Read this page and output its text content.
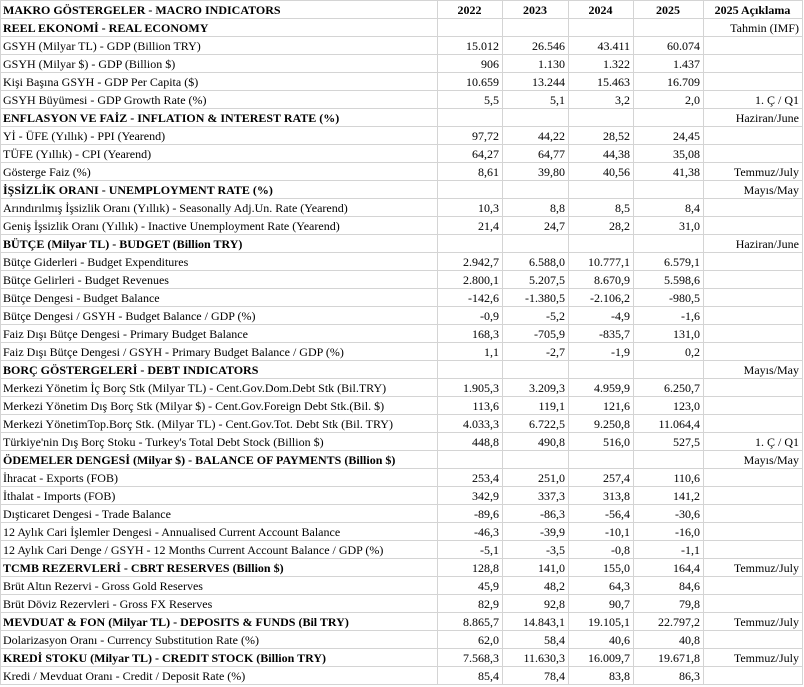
MAKRO GÖSTERGELER - MACRO INDICATORS	2022	2023	2024	2025	2025 Açıklama
REEL EKONOMİ - REAL ECONOMY					Tahmin (IMF)
GSYH (Milyar TL) - GDP (Billion TRY)	15.012	26.546	43.411	60.074	
GSYH (Milyar $) - GDP (Billion $)	906	1.130	1.322	1.437	
Kişi Başına GSYH - GDP Per Capita ($)	10.659	13.244	15.463	16.709	
GSYH Büyümesi - GDP Growth Rate (%)	5,5	5,1	3,2	2,0	1. Ç / Q1
ENFLASYON VE FAİZ - INFLATION & INTEREST RATE (%)					Haziran/June
Yİ - ÜFE (Yıllık) - PPI (Yearend)	97,72	44,22	28,52	24,45	
TÜFE (Yıllık) - CPI (Yearend)	64,27	64,77	44,38	35,08	
Gösterge Faiz (%)	8,61	39,80	40,56	41,38	Temmuz/July
İŞSİZLİK ORANI - UNEMPLOYMENT RATE (%)					Mayıs/May
Arındırılmış İşsizlik Oranı (Yıllık) - Seasonally Adj.Un. Rate (Yearend)	10,3	8,8	8,5	8,4	
Geniş İşsizlik Oranı (Yıllık) - Inactive Unemployment Rate (Yearend)	21,4	24,7	28,2	31,0	
BÜTÇE (Milyar TL) - BUDGET (Billion TRY)					Haziran/June
Bütçe Giderleri - Budget Expenditures	2.942,7	6.588,0	10.777,1	6.579,1	
Bütçe Gelirleri - Budget Revenues	2.800,1	5.207,5	8.670,9	5.598,6	
Bütçe Dengesi - Budget Balance	-142,6	-1.380,5	-2.106,2	-980,5	
Bütçe Dengesi / GSYH - Budget Balance / GDP (%)	-0,9	-5,2	-4,9	-1,6	
Faiz Dışı Bütçe Dengesi - Primary Budget Balance	168,3	-705,9	-835,7	131,0	
Faiz Dışı Bütçe Dengesi / GSYH - Primary Budget Balance / GDP (%)	1,1	-2,7	-1,9	0,2	
BORÇ GÖSTERGELERİ - DEBT INDICATORS					Mayıs/May
Merkezi Yönetim İç Borç Stk (Milyar TL) - Cent.Gov.Dom.Debt Stk (Bil.TRY)	1.905,3	3.209,3	4.959,9	6.250,7	
Merkezi Yönetim Dış Borç Stk (Milyar $) - Cent.Gov.Foreign Debt Stk.(Bil. $)	113,6	119,1	121,6	123,0	
Merkezi YönetimTop.Borç Stk. (Milyar TL) - Cent.Gov.Tot. Debt Stk (Bil. TRY)	4.033,3	6.722,5	9.250,8	11.064,4	
Türkiye'nin Dış Borç Stoku - Turkey's Total Debt Stock (Billion $)	448,8	490,8	516,0	527,5	1. Ç / Q1
ÖDEMELER DENGESİ (Milyar $) - BALANCE OF PAYMENTS (Billion $)					Mayıs/May
İhracat - Exports (FOB)	253,4	251,0	257,4	110,6	
İthalat - Imports (FOB)	342,9	337,3	313,8	141,2	
Dışticaret Dengesi - Trade Balance	-89,6	-86,3	-56,4	-30,6	
12 Aylık Cari İşlemler Dengesi - Annualised Current Account Balance	-46,3	-39,9	-10,1	-16,0	
12 Aylık Cari Denge / GSYH - 12 Months Current Account Balance / GDP (%)	-5,1	-3,5	-0,8	-1,1	
TCMB REZERVLERİ - CBRT RESERVES (Billion $)	128,8	141,0	155,0	164,4	Temmuz/July
Brüt Altın Rezervi - Gross Gold Reserves	45,9	48,2	64,3	84,6	
Brüt Döviz Rezervleri - Gross FX Reserves	82,9	92,8	90,7	79,8	
MEVDUAT & FON (Milyar TL) - DEPOSITS & FUNDS (Bil TRY)	8.865,7	14.843,1	19.105,1	22.797,2	Temmuz/July
Dolarizasyon Oranı - Currency Substitution Rate (%)	62,0	58,4	40,6	40,8	
KREDİ STOKU (Milyar TL) - CREDIT STOCK (Billion TRY)	7.568,3	11.630,3	16.009,7	19.671,8	Temmuz/July
Kredi / Mevduat Oranı - Credit / Deposit Rate (%)	85,4	78,4	83,8	86,3	
